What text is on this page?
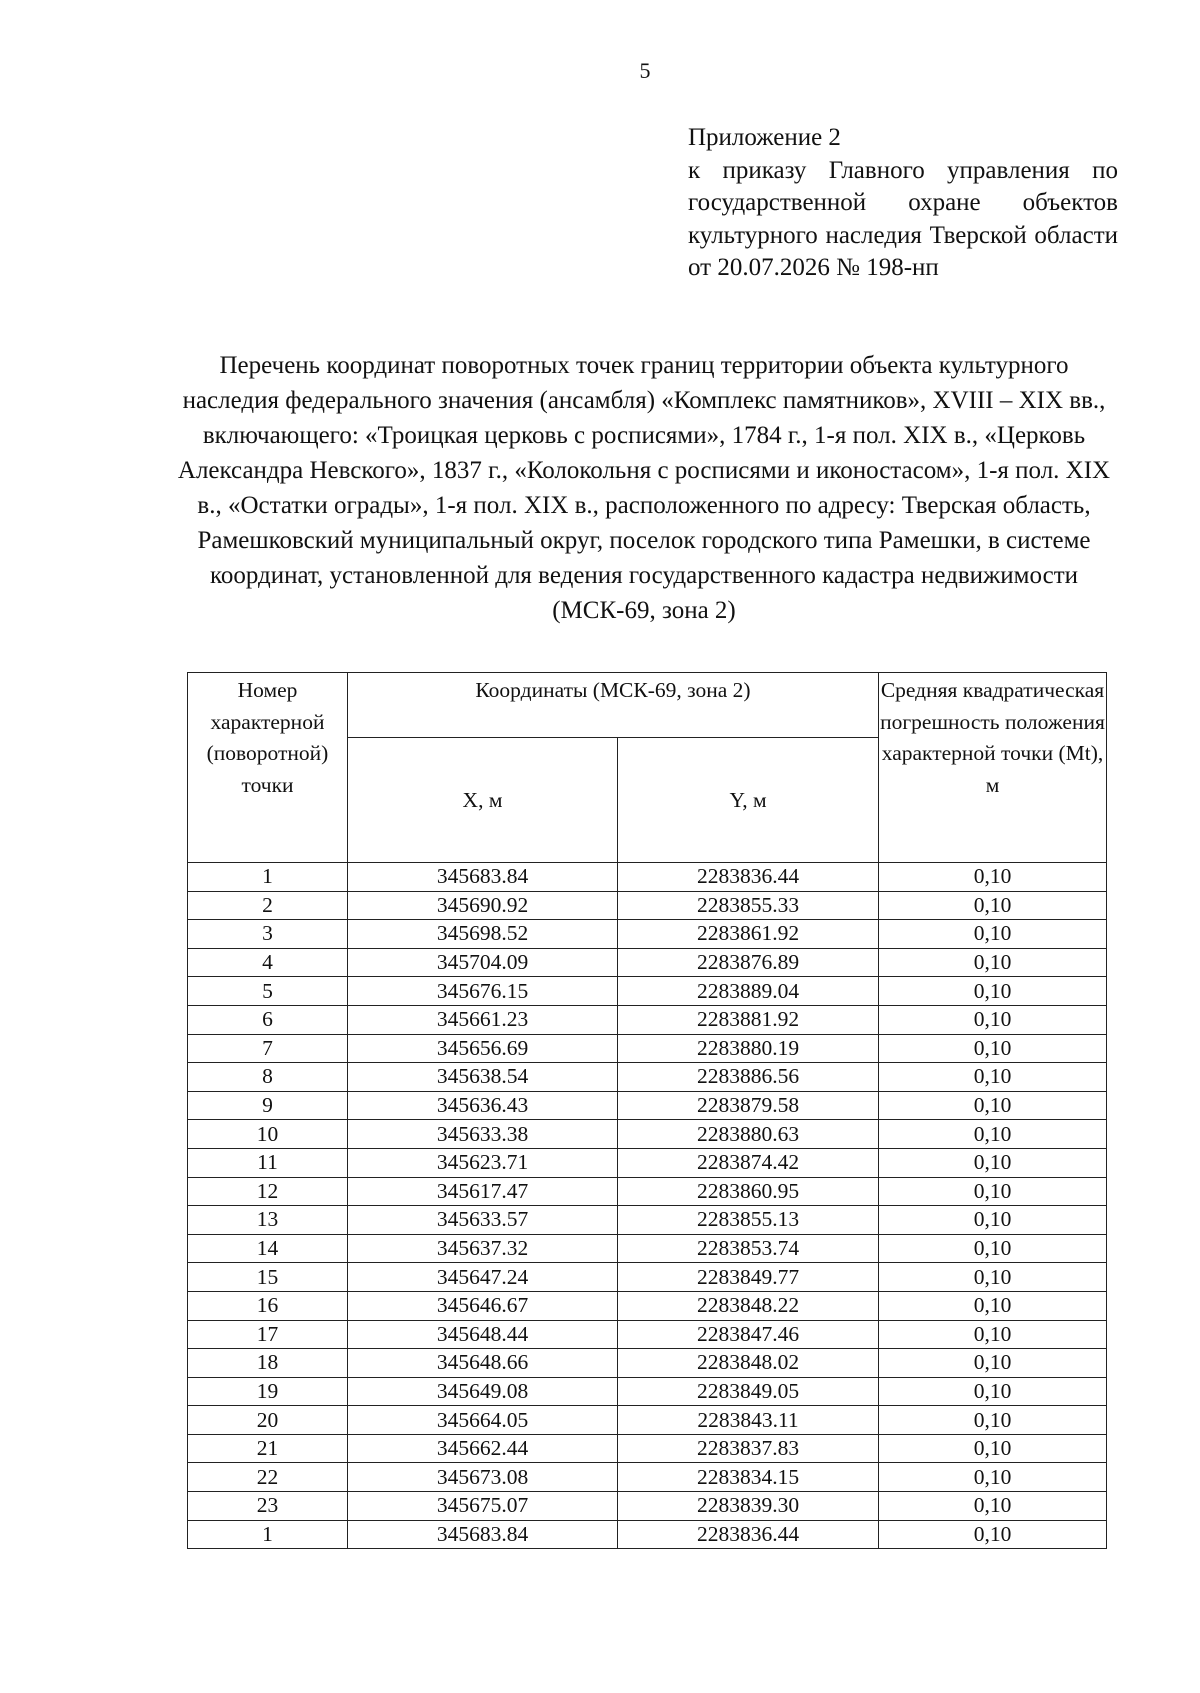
5
Приложение 2
к приказу Главного управления по государственной охране объектов культурного наследия Тверской области от 20.07.2026 № 198-нп
Перечень координат поворотных точек границ территории объекта культурного наследия федерального значения (ансамбля) «Комплекс памятников», XVIII – XIX вв., включающего: «Троицкая церковь с росписями», 1784 г., 1-я пол. XIX в., «Церковь Александра Невского», 1837 г., «Колокольня с росписями и иконостасом», 1-я пол. XIX в., «Остатки ограды», 1-я пол. XIX в., расположенного по адресу: Тверская область, Рамешковский муниципальный округ, поселок городского типа Рамешки, в системе координат, установленной для ведения государственного кадастра недвижимости (МСК-69, зона 2)
Номер характерной (поворотной) точки	Координаты (МСК-69, зона 2)		Средняя квадратическая погрешность положения характерной точки (Mt), м
	X, м	Y, м	
1	345683.84	2283836.44	0,10
2	345690.92	2283855.33	0,10
3	345698.52	2283861.92	0,10
4	345704.09	2283876.89	0,10
5	345676.15	2283889.04	0,10
6	345661.23	2283881.92	0,10
7	345656.69	2283880.19	0,10
8	345638.54	2283886.56	0,10
9	345636.43	2283879.58	0,10
10	345633.38	2283880.63	0,10
11	345623.71	2283874.42	0,10
12	345617.47	2283860.95	0,10
13	345633.57	2283855.13	0,10
14	345637.32	2283853.74	0,10
15	345647.24	2283849.77	0,10
16	345646.67	2283848.22	0,10
17	345648.44	2283847.46	0,10
18	345648.66	2283848.02	0,10
19	345649.08	2283849.05	0,10
20	345664.05	2283843.11	0,10
21	345662.44	2283837.83	0,10
22	345673.08	2283834.15	0,10
23	345675.07	2283839.30	0,10
1	345683.84	2283836.44	0,10
